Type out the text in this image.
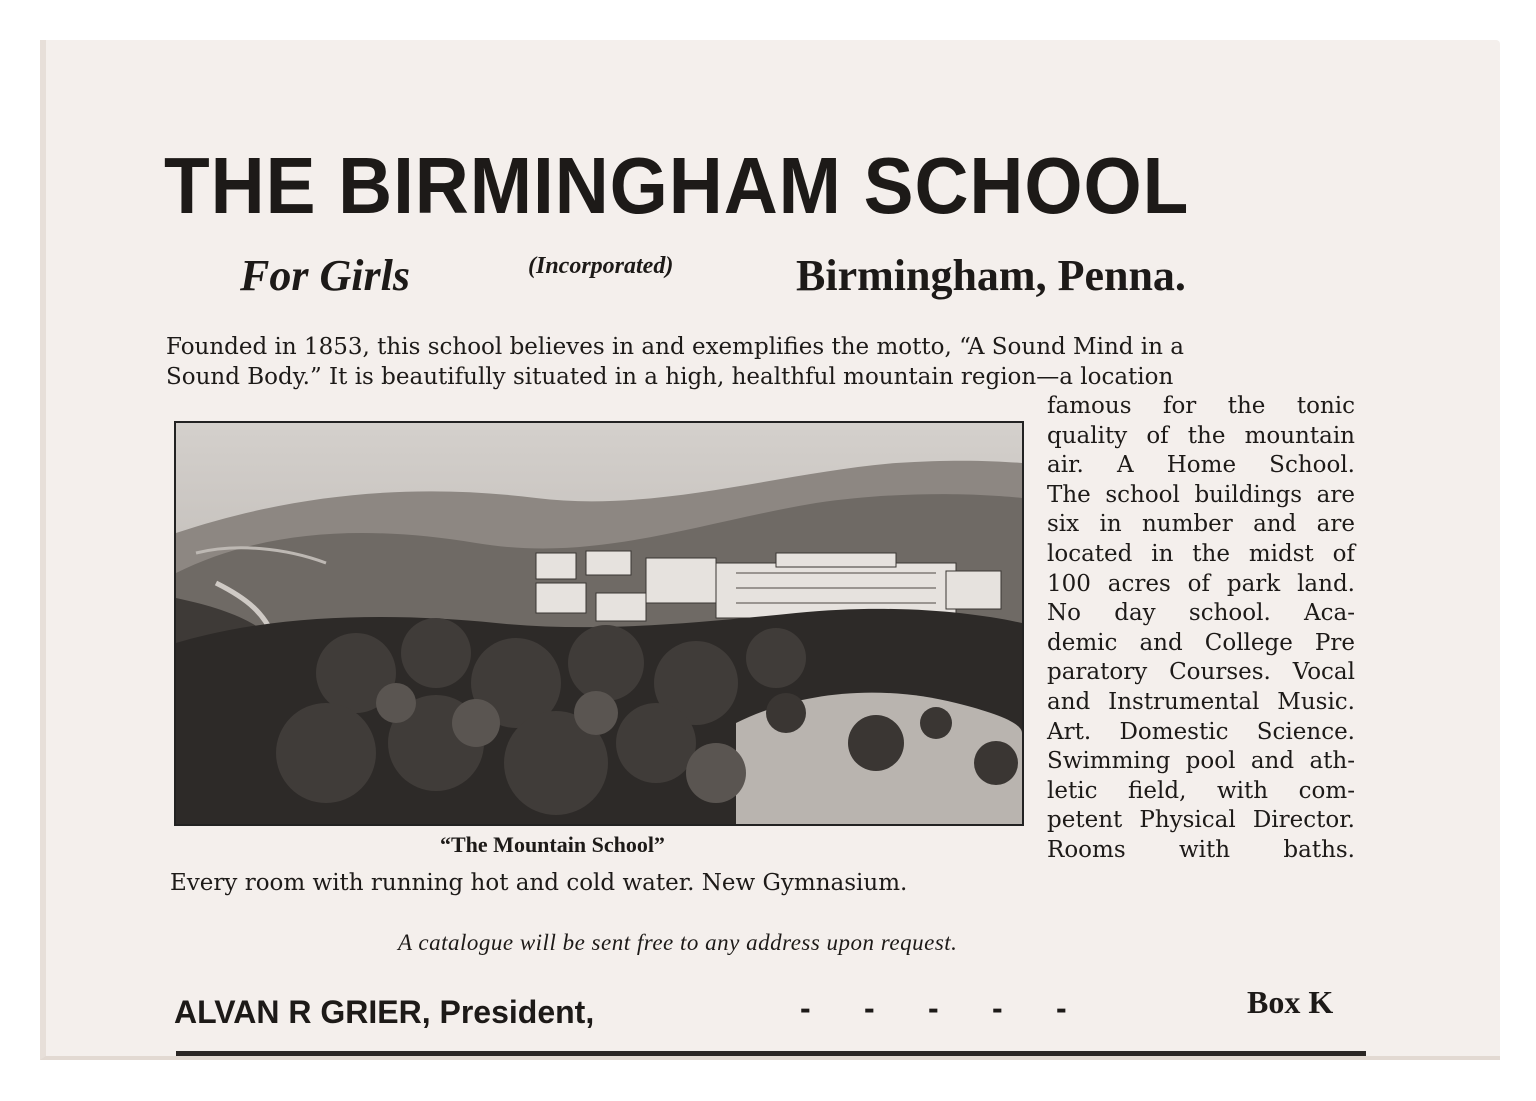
THE BIRMINGHAM SCHOOL
For Girls	(Incorporated)	Birmingham, Penna.
Founded in 1853, this school believes in and exemplifies the motto, “A Sound Mind in a
Sound Body.” It is beautifully situated in a high, healthful mountain region—a location
famous for the tonic
quality of the mountain
air. A Home School.
The school buildings are
six in number and are
located in the midst of
100 acres of park land.
No day school. Aca-
demic and College Pre
paratory Courses. Vocal
and Instrumental Music.
Art. Domestic Science.
Swimming pool and ath-
letic field, with com-
petent Physical Director.
Rooms with baths.
“The Mountain School”
Every room with running hot and cold water. New Gymnasium.
A catalogue will be sent free to any address upon request.
ALVAN R GRIER, President,	-      -      -      -      -	Box K
